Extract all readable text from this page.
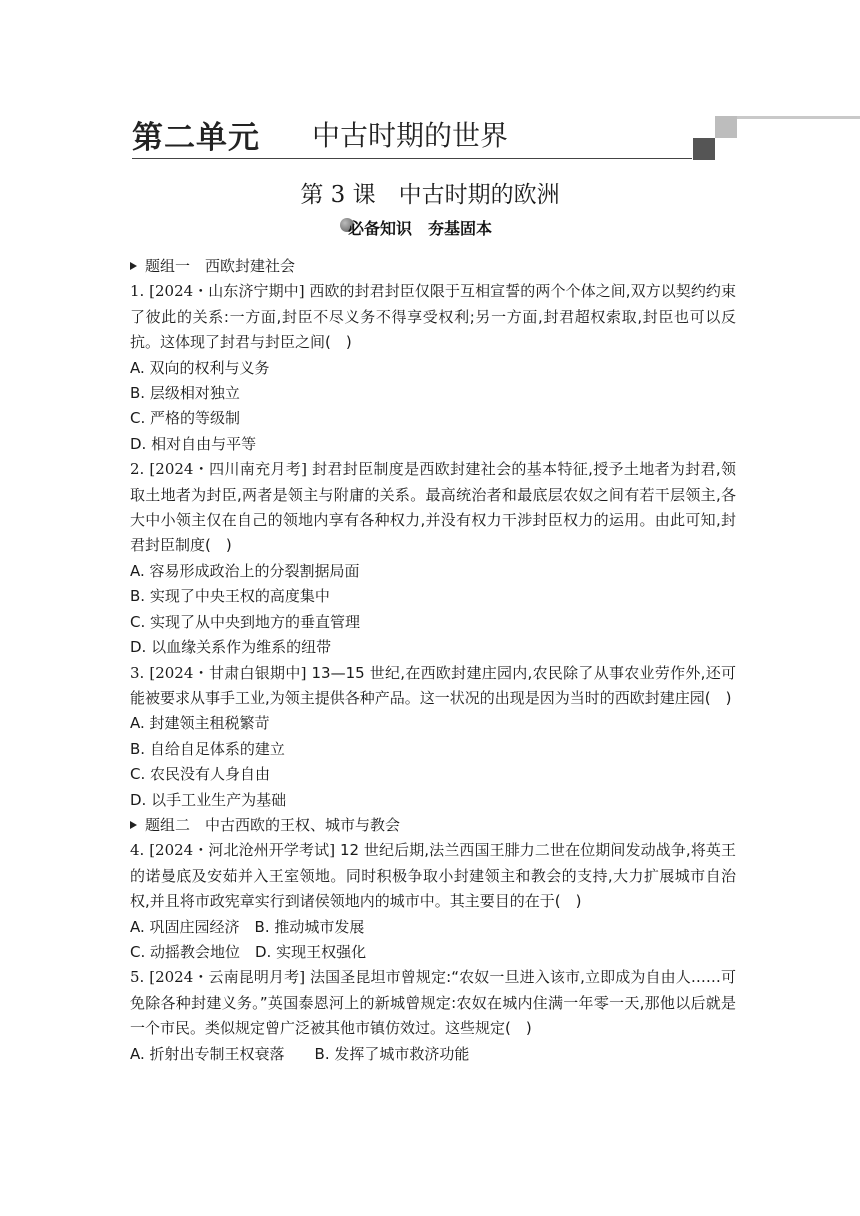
第二单元 中古时期的世界
第 3 课　中古时期的欧洲
必备知识　夯基固本
题组一　西欧封建社会
1. [2024・山东济宁期中] 西欧的封君封臣仅限于互相宣誓的两个个体之间,双方以契约约束了彼此的关系:一方面,封臣不尽义务不得享受权利;另一方面,封君超权索取,封臣也可以反抗。这体现了封君与封臣之间(　)
A. 双向的权利与义务
B. 层级相对独立
C. 严格的等级制
D. 相对自由与平等
2. [2024・四川南充月考] 封君封臣制度是西欧封建社会的基本特征,授予土地者为封君,领取土地者为封臣,两者是领主与附庸的关系。最高统治者和最底层农奴之间有若干层领主,各大中小领主仅在自己的领地内享有各种权力,并没有权力干涉封臣权力的运用。由此可知,封君封臣制度(　)
A. 容易形成政治上的分裂割据局面
B. 实现了中央王权的高度集中
C. 实现了从中央到地方的垂直管理
D. 以血缘关系作为维系的纽带
3. [2024・甘肃白银期中] 13—15 世纪,在西欧封建庄园内,农民除了从事农业劳作外,还可能被要求从事手工业,为领主提供各种产品。这一状况的出现是因为当时的西欧封建庄园(　)
A. 封建领主租税繁苛
B. 自给自足体系的建立
C. 农民没有人身自由
D. 以手工业生产为基础
题组二　中古西欧的王权、城市与教会
4. [2024・河北沧州开学考试] 12 世纪后期,法兰西国王腓力二世在位期间发动战争,将英王的诺曼底及安茹并入王室领地。同时积极争取小封建领主和教会的支持,大力扩展城市自治权,并且将市政宪章实行到诸侯领地内的城市中。其主要目的在于(　)
A. 巩固庄园经济　B. 推动城市发展
C. 动摇教会地位　D. 实现王权强化
5. [2024・云南昆明月考] 法国圣昆坦市曾规定:“农奴一旦进入该市,立即成为自由人……可免除各种封建义务。”英国泰恩河上的新城曾规定:农奴在城内住满一年零一天,那他以后就是一个市民。类似规定曾广泛被其他市镇仿效过。这些规定(　)
A. 折射出专制王权衰落　　B. 发挥了城市救济功能
